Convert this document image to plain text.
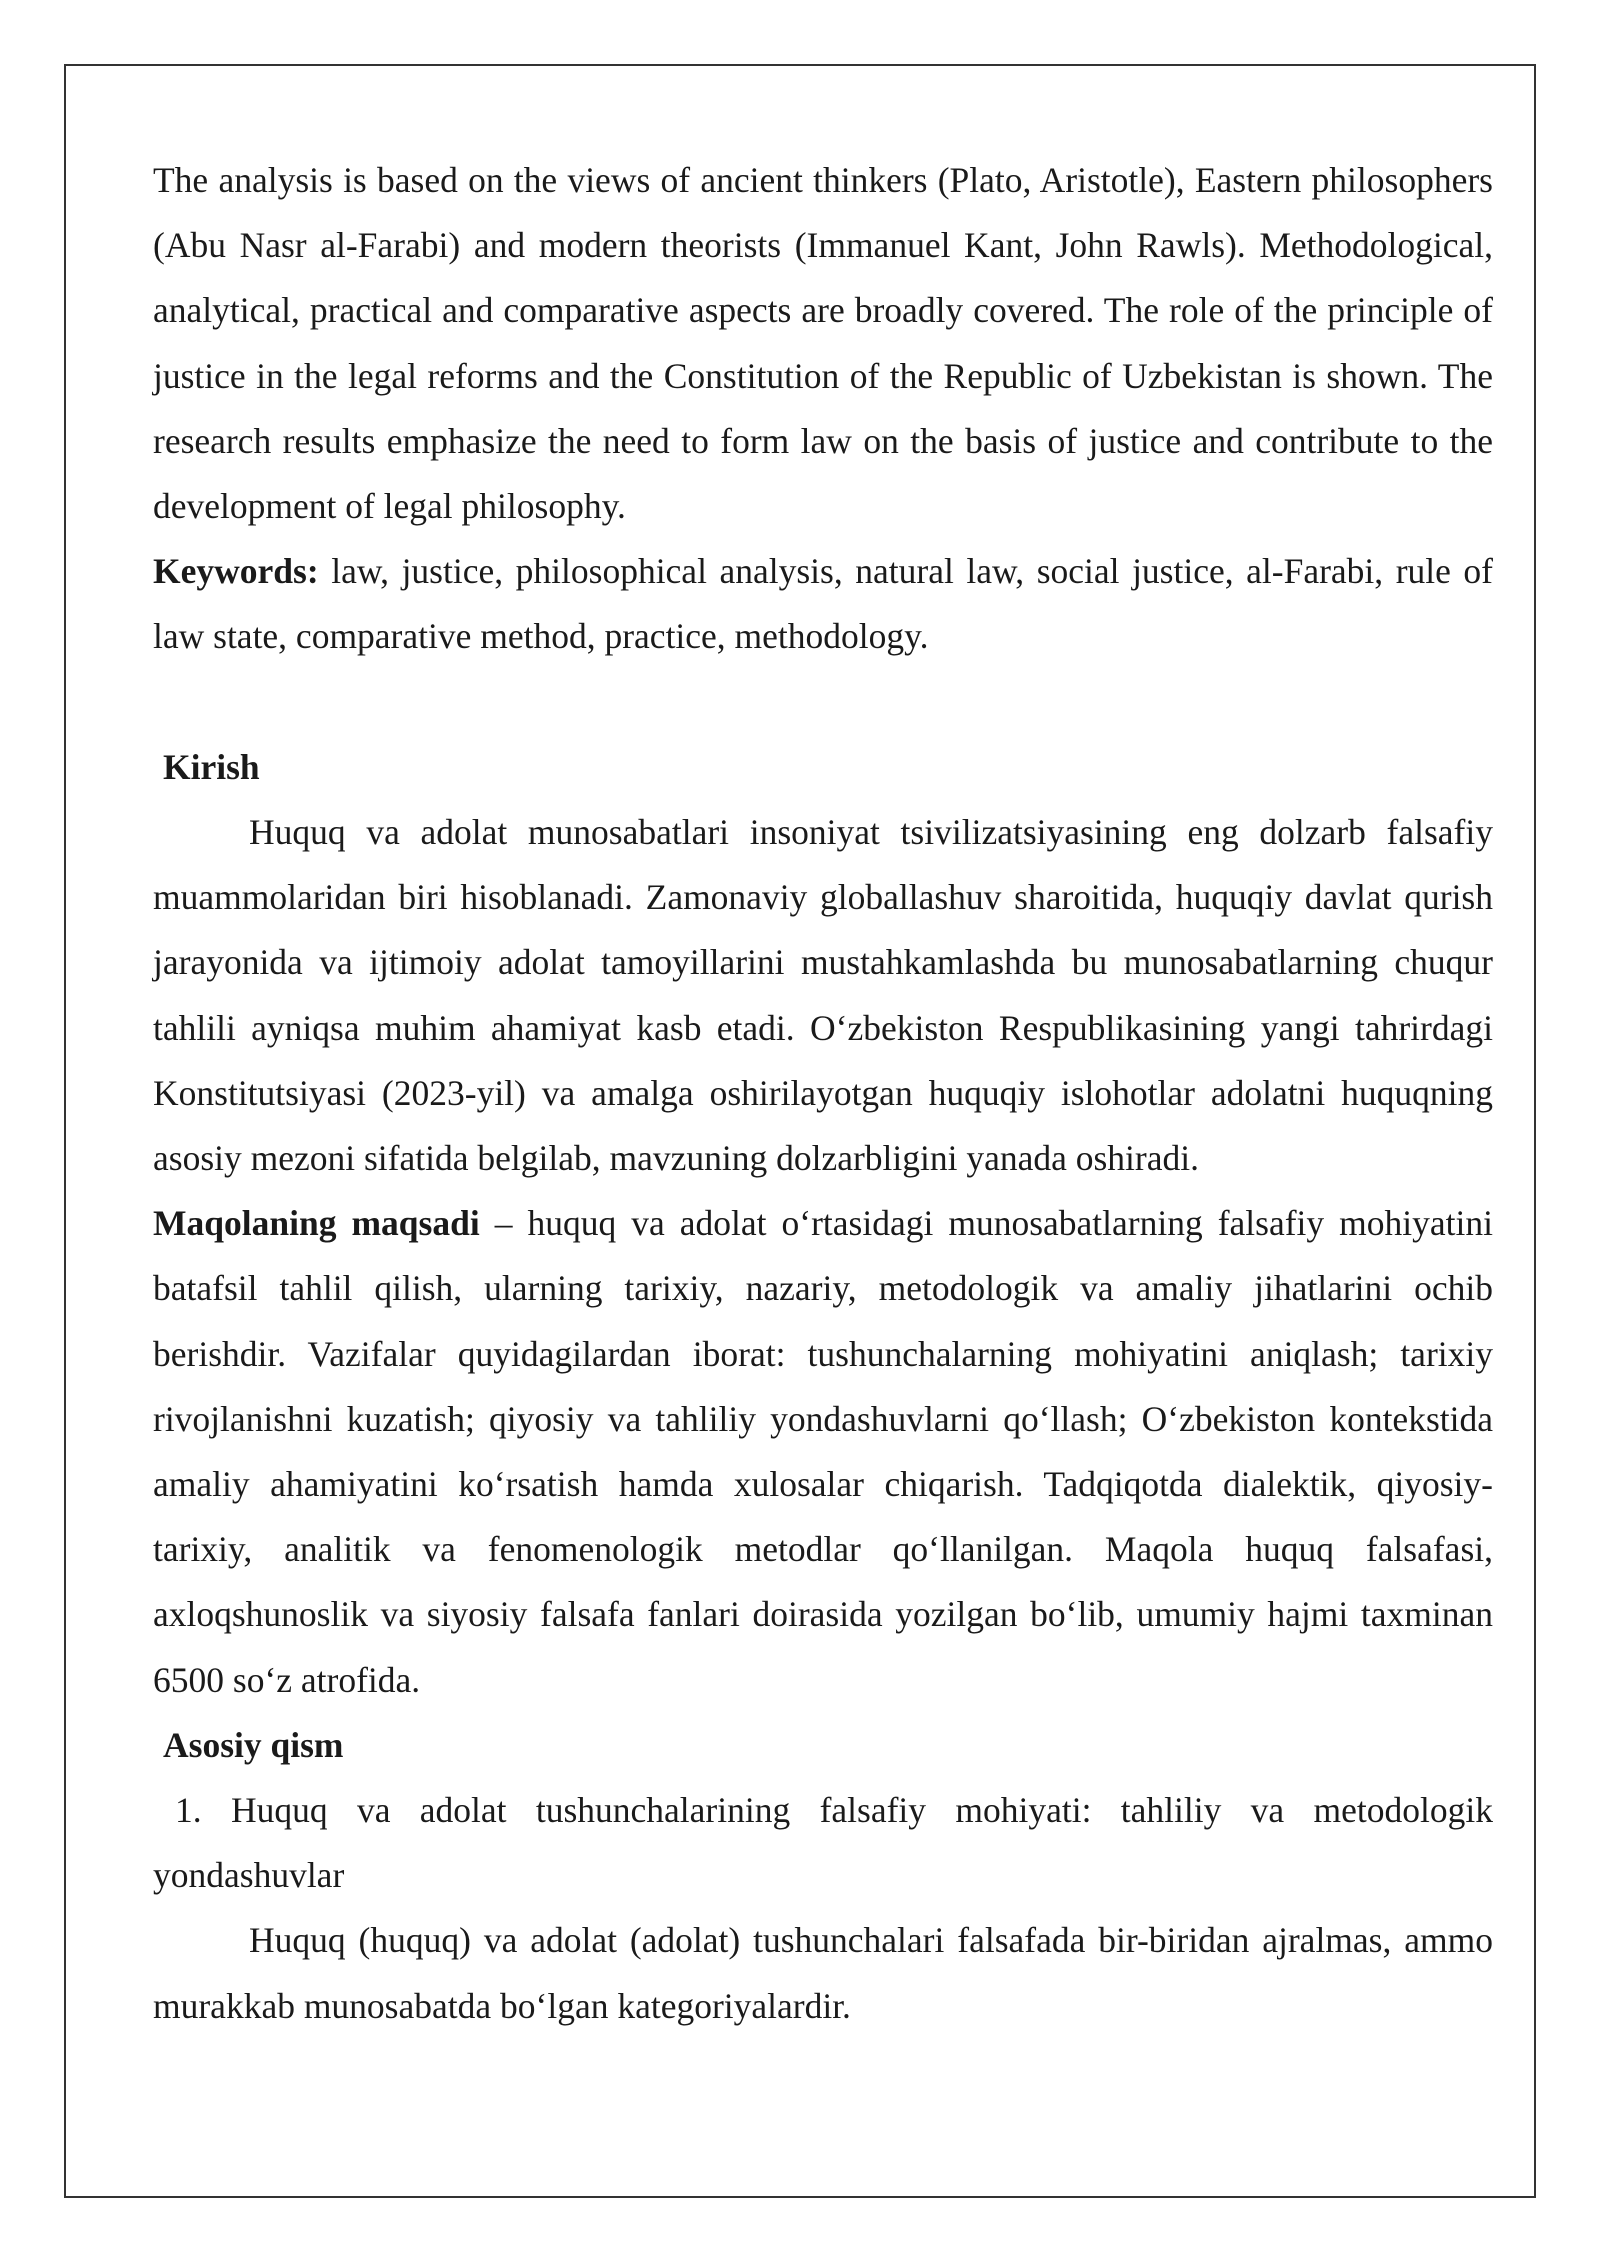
The analysis is based on the views of ancient thinkers (Plato, Aristotle), Eastern philosophers (Abu Nasr al-Farabi) and modern theorists (Immanuel Kant, John Rawls). Methodological, analytical, practical and comparative aspects are broadly covered. The role of the principle of justice in the legal reforms and the Constitution of the Republic of Uzbekistan is shown. The research results emphasize the need to form law on the basis of justice and contribute to the development of legal philosophy.

Keywords: law, justice, philosophical analysis, natural law, social justice, al-Farabi, rule of law state, comparative method, practice, methodology.

Kirish

Huquq va adolat munosabatlari insoniyat tsivilizatsiyasining eng dolzarb falsafiy muammolaridan biri hisoblanadi. Zamonaviy globallashuv sharoitida, huquqiy davlat qurish jarayonida va ijtimoiy adolat tamoyillarini mustahkamlashda bu munosabatlarning chuqur tahlili ayniqsa muhim ahamiyat kasb etadi. Oʻzbekiston Respublikasining yangi tahrirdagi Konstitutsiyasi (2023-yil) va amalga oshirilayotgan huquqiy islohotlar adolatni huquqning asosiy mezoni sifatida belgilab, mavzuning dolzarbligini yanada oshiradi.

Maqolaning maqsadi – huquq va adolat oʻrtasidagi munosabatlarning falsafiy mohiyatini batafsil tahlil qilish, ularning tarixiy, nazariy, metodologik va amaliy jihatlarini ochib berishdir. Vazifalar quyidagilardan iborat: tushunchalarning mohiyatini aniqlash; tarixiy rivojlanishni kuzatish; qiyosiy va tahliliy yondashuvlarni qoʻllash; Oʻzbekiston kontekstida amaliy ahamiyatini koʻrsatish hamda xulosalar chiqarish. Tadqiqotda dialektik, qiyosiy-tarixiy, analitik va fenomenologik metodlar qoʻllanilgan. Maqola huquq falsafasi, axloqshunoslik va siyosiy falsafa fanlari doirasida yozilgan boʻlib, umumiy hajmi taxminan 6500 soʻz atrofida.

Asosiy qism

1. Huquq va adolat tushunchalarining falsafiy mohiyati: tahliliy va metodologik yondashuvlar

Huquq (huquq) va adolat (adolat) tushunchalari falsafada bir-biridan ajralmas, ammo murakkab munosabatda boʻlgan kategoriyalardir.
